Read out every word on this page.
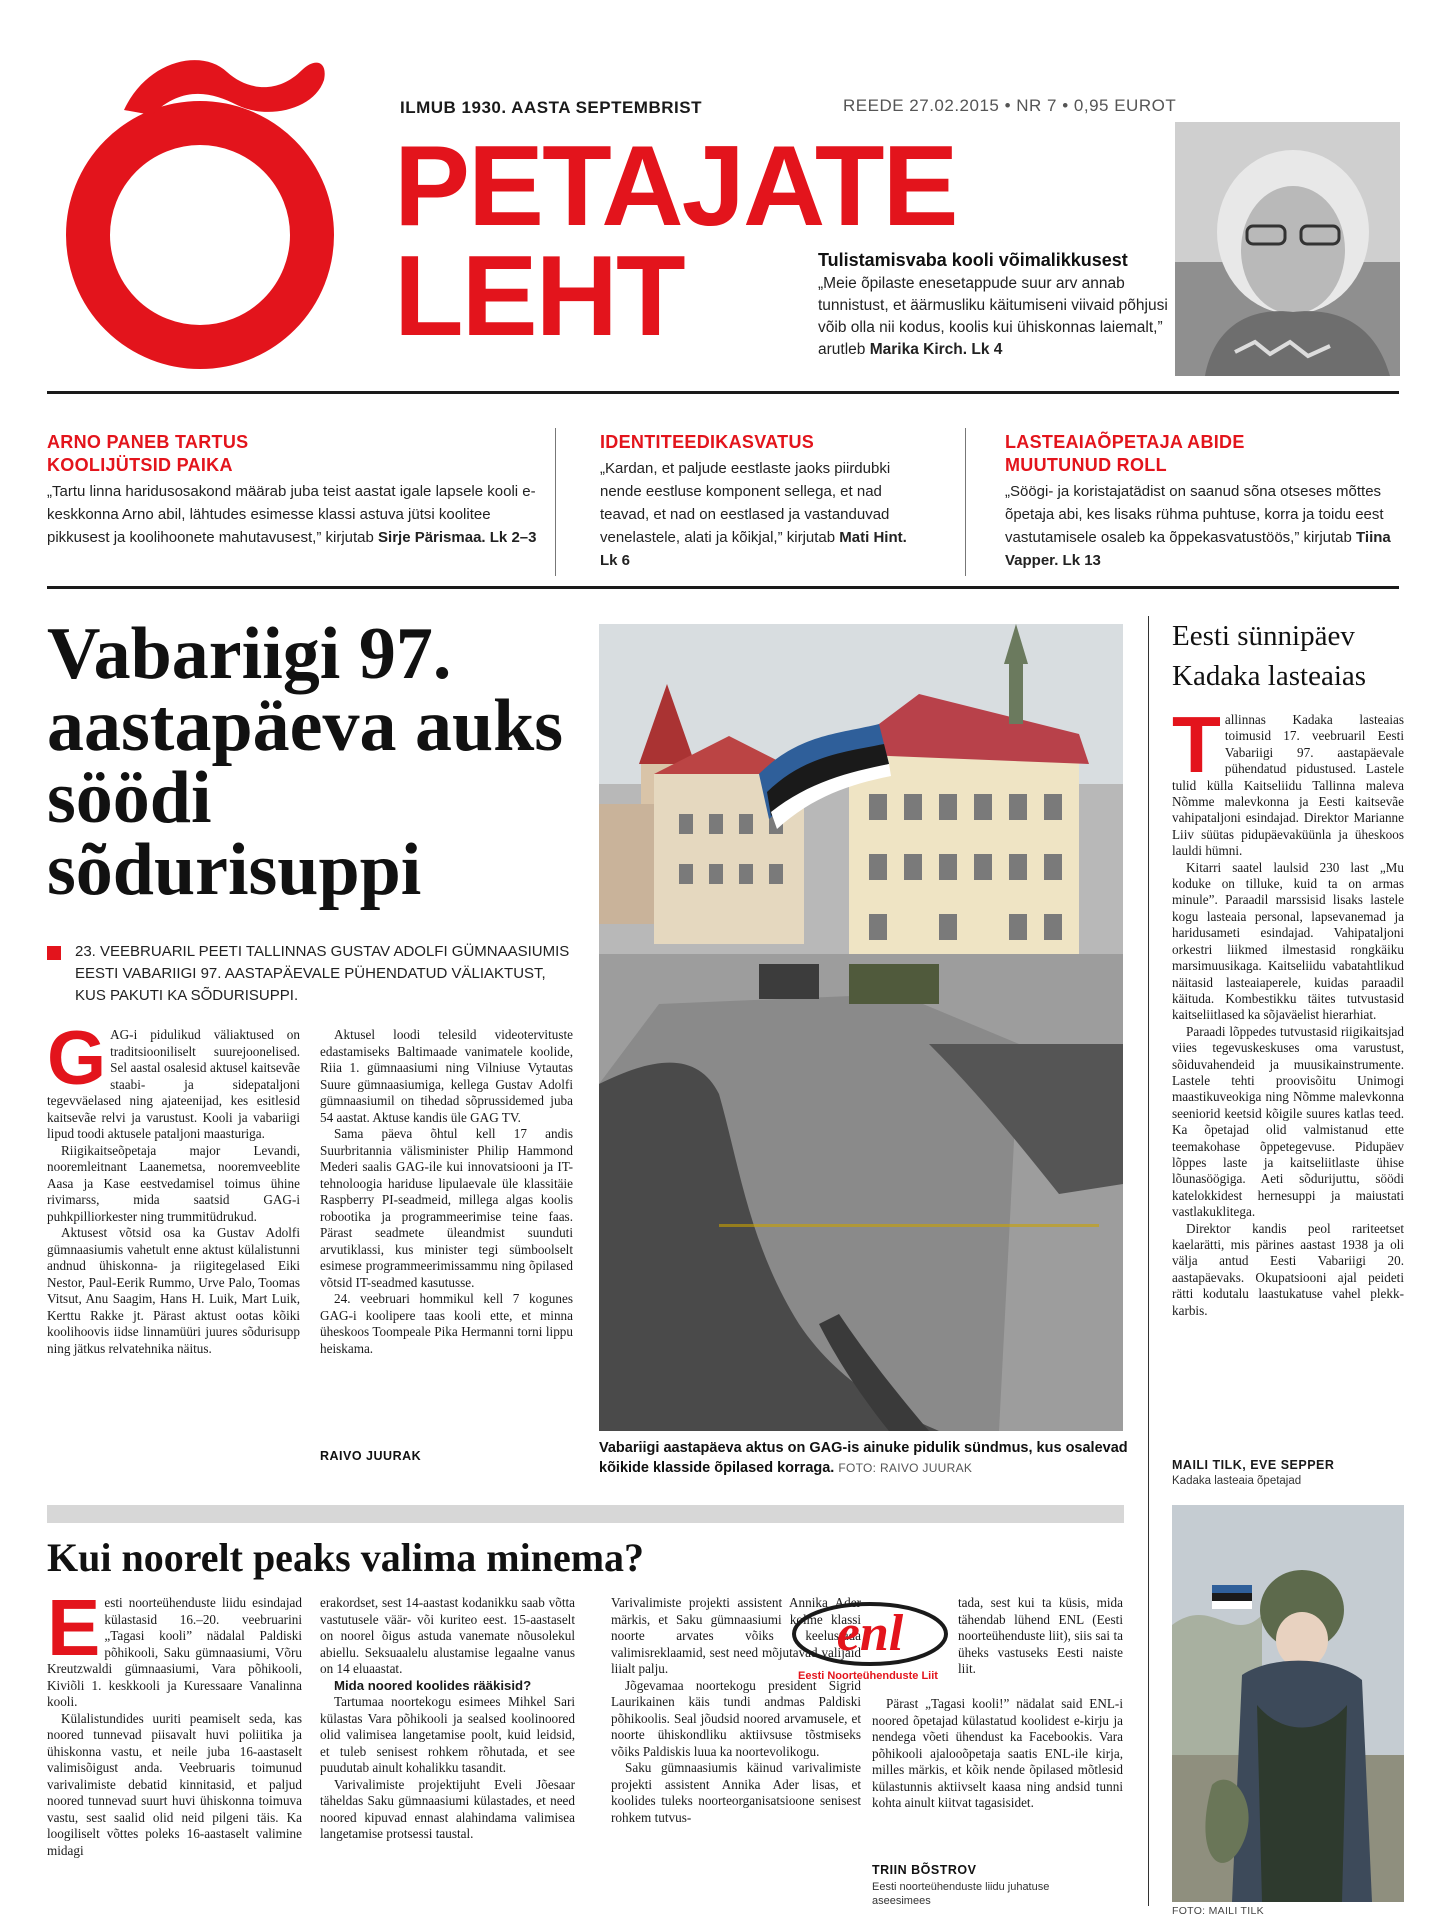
ILMUB 1930. AASTA SEPTEMBRIST	REEDE 27.02.2015 • NR 7 • 0,95 EUROT
PETAJATE
LEHT	Tulistamisvaba kooli võimalikkusest
„Meie õpilaste enesetappude suur arv annab tunnistust, et äärmusliku käitumiseni viivaid põhjusi võib olla nii kodus, koolis kui ühiskonnas laiemalt,” arutleb Marika Kirch. Lk 4
ARNO PANEB TARTUS KOOLIJÜTSID PAIKA
„Tartu linna haridusosakond määrab juba teist aastat igale lapsele kooli e-keskkonna Arno abil, lähtudes esimesse klassi astuva jütsi koolitee pikkusest ja koolihoonete mahutavusest,” kirjutab Sirje Pärismaa. Lk 2–3
IDENTITEEDIKASVATUS
„Kardan, et paljude eestlaste jaoks piirdubki nende eestluse komponent sellega, et nad teavad, et nad on eestlased ja vastanduvad venelastele, alati ja kõikjal,” kirjutab Mati Hint. Lk 6
LASTEAIAÕPETAJA ABIDE MUUTUNUD ROLL
„Söögi- ja koristajatädist on saanud sõna otseses mõttes õpetaja abi, kes lisaks rühma puhtuse, korra ja toidu eest vastutamisele osaleb ka õppekasvatustöös,” kirjutab Tiina Vapper. Lk 13
Vabariigi 97. aastapäeva auks söödi sõdurisuppi
23. VEEBRUARIL PEETI TALLINNAS GUSTAV ADOLFI GÜMNAASIUMIS EESTI VABARIIGI 97. AASTAPÄEVALE PÜHENDATUD VÄLIAKTUST, KUS PAKUTI KA SÕDURISUPPI.
G AG-i pidulikud väliaktused on traditsiooniliselt suurejoonelised. Sel aastal osalesid aktusel kaitsevãe staabi- ja sidepataljoni tegevväelased ning ajateenijad, kes esitlesid kaitsevãe relvi ja varustust. Kooli ja vabariigi lipud toodi aktusele pataljoni maasturiga.

Riigikaitseõpetaja major Levandi, nooremleitnant Laanemetsa, nooremveeblite Aasa ja Kase eestvedamisel toimus ühine rivimarss, mida saatsid GAG-i puhkpilliorkester ning trummitüdrukud.

Aktusest võtsid osa ka Gustav Adolfi gümnaasiumis vahetult enne aktust külalistunni andnud ühiskonna- ja riigitegelased Eiki Nestor, Paul-Eerik Rummo, Urve Palo, Toomas Vitsut, Anu Saagim, Hans H. Luik, Mart Luik, Kerttu Rakke jt. Pärast aktust ootas kõiki koolihoovis iidse linnamüüri juures sõdurisupp ning jätkus relvatehnika näitus.

Aktusel loodi telesild videotervituste edastamiseks Baltimaade vanimatele koolide, Riia 1. gümnaasiumi ning Vilniuse Vytautas Suure gümnaasiumiga, kellega Gustav Adolfi gümnaasiumil on tihedad sõprussidemed juba 54 aastat. Aktuse kandis üle GAG TV.

Sama päeva õhtul kell 17 andis Suurbritannia välisminister Philip Hammond Mederi saalis GAG-ile kui innovatsiooni ja IT-tehnoloogia hariduse lipulaevale üle klassitäie Raspberry PI-seadmeid, millega algas koolis robootika ja programmeerimise teine faas. Pärast seadmete üleandmist suunduti arvutiklassi, kus minister tegi sümboolselt esimese programmeerimissammu ning õpilased võtsid IT-seadmed kasutusse.

24. veebruari hommikul kell 7 kogunes GAG-i koolipere taas kooli ette, et minna üheskoos Toompeale Pika Hermanni torni lippu heiskama.

RAIVO JUURAK	Vabariigi aastapäeva aktus on GAG-is ainuke pidulik sündmus, kus osalevad kõikide klasside õpilased korraga. FOTO: RAIVO JUURAK
Eesti sünnipäev Kadaka lasteaias
T allinnas Kadaka lasteaias toimusid 17. veebruaril Eesti Vabariigi 97. aastapäevale pühendatud pidustused. Lastele tulid külla Kaitseliidu Tallinna maleva Nõmme malevkonna ja Eesti kaitsevãe vahipataljoni esindajad. Direktor Marianne Liiv süütas pidupäevaküünla ja üheskoos lauldi hümni.

Kitarri saatel laulsid 230 last „Mu koduke on tilluke, kuid ta on armas minule”. Paraadil marssisid lisaks lastele kogu lasteaia personal, lapsevanemad ja haridusameti esindajad. Vahipataljoni orkestri liikmed ilmestasid rongkäiku marsimuusikaga. Kaitseliidu vabatahtlikud näitasid lasteaiaperele, kuidas paraadil käituda. Kombestikku täites tutvustasid kaitseliitlased ka sõjaväelist hierarhiat.

Paraadi lõppedes tutvustasid riigikaitsjad viies tegevuskeskuses oma varustust, sõiduvahendeid ja muusikainstrumente. Lastele tehti proovisõitu Unimogi maastikuveokiga ning Nõmme malevkonna seeniorid keetsid kõigile suures katlas teed. Ka õpetajad olid valmistanud ette teemakohase õppetegevuse. Pidupäev lõppes laste ja kaitseliitlaste ühise lõunasöögiga. Aeti sõdurijuttu, söödi katelokkidest hernesuppi ja maiustati vastlakuklitega.

Direktor kandis peol rariteetset kaelarätti, mis pärines aastast 1938 ja oli välja antud Eesti Vabariigi 20. aastapäevaks. Okupatsiooni ajal peideti rätti kodutalu laastukatuse vahel plekk-karbis.

MAILI TILK, EVE SEPPER
Kadaka lasteaia õpetajad
FOTO: MAILI TILK
Kui noorelt peaks valima minema?
E esti noorteühenduste liidu esindajad külastasid 16.–20. veebruarini „Tagasi kooli” nädalal Paldiski põhikooli, Saku gümnaasiumi, Võru Kreutzwaldi gümnaasiumi, Vara põhikooli, Kiviõli 1. keskkooli ja Kuressaare Vanalinna kooli.

Külalistundides uuriti peamiselt seda, kas noored tunnevad piisavalt huvi poliitika ja ühiskonna vastu, et neile juba 16-aastaselt valimisõigust anda. Veebruaris toimunud varivalimiste debatid kinnitasid, et paljud noored tunnevad suurt huvi ühiskonna toimuva vastu, sest saalid olid neid pilgeni täis. Ka loogiliselt võttes poleks 16-aastaselt valimine midagi

erakordset, sest 14-aastast kodanikku saab võtta vastutusele väär- või kuriteo eest. 15-aastaselt on noorel õigus astuda vanemate nõusolekul abiellu. Seksuaalelu alustamise legaalne vanus on 14 eluaastat.

Mida noored koolides rääkisid?

Tartumaa noortekogu esimees Mihkel Sari külastas Vara põhikooli ja sealsed koolinoored olid valimisea langetamise poolt, kuid leidsid, et tuleb senisest rohkem rõhutada, et see puudutab ainult kohalikku tasandit.

Varivalimiste projektijuht Eveli Jõesaar täheldas Saku gümnaasiumi külastades, et need noored kipuvad ennast alahindama valimisea langetamise protsessi taustal.

Varivalimiste projekti assistent Annika Ader märkis, et Saku gümnaasiumi kolme klassi noorte arvates võiks keelustada valimisreklaamid, sest need mõjutavad valijaid liialt palju.

Jõgevamaa noortekogu president Sigrid Laurikainen käis tundi andmas Paldiski põhikoolis. Seal jõudsid noored arvamusele, et noorte ühiskondliku aktiivsuse tõstmiseks võiks Paldiskis luua ka noortevolikogu.

Saku gümnaasiumis käinud varivalimiste projekti assistent Annika Ader lisas, et koolides tuleks noorteorganisatsioone senisest rohkem tutvus-

enl
Eesti Noorteühenduste Liit

tada, sest kui ta küsis, mida tähendab lühend ENL (Eesti noorteühenduste liit), siis sai ta üheks vastuseks Eesti naiste liit.

Pärast „Tagasi kooli!” nädalat said ENL-i noored õpetajad külastatud koolidest e-kirju ja nendega võeti ühendust ka Facebookis. Vara põhikooli ajalooõpetaja saatis ENL-ile kirja, milles märkis, et kõik nende õpilased mõtlesid külastunnis aktiivselt kaasa ning andsid tunni kohta ainult kiitvat tagasisidet.

TRIIN BÕSTROV
Eesti noorteühenduste liidu juhatuse aseesimees
